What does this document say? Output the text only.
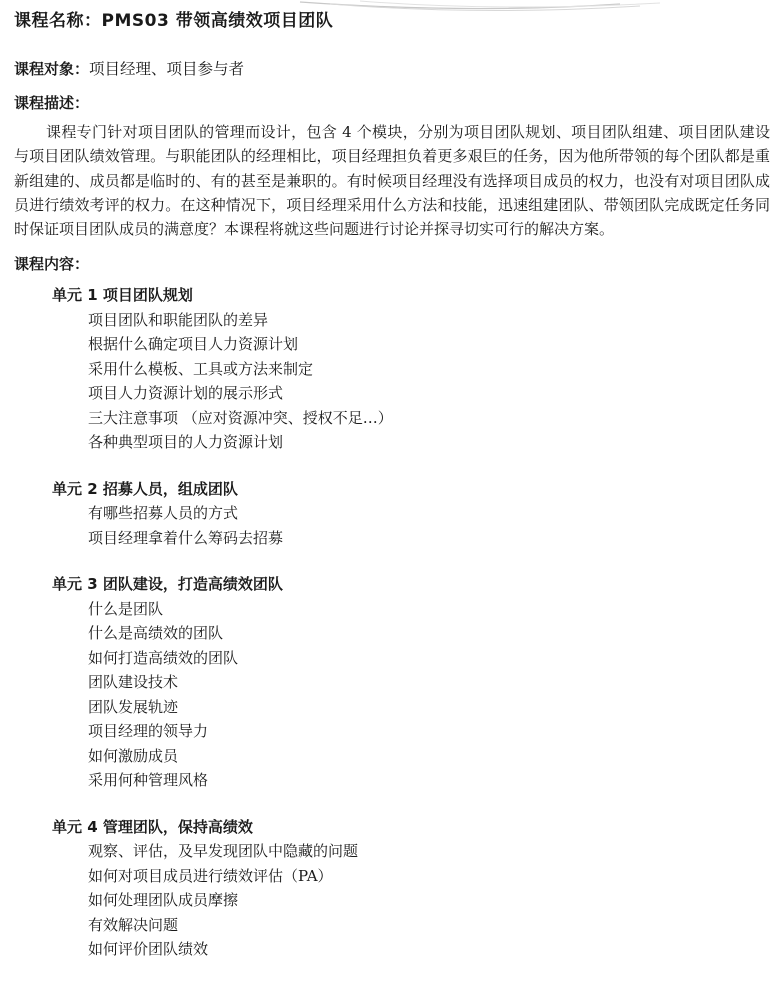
课程名称：PMS03 带领高绩效项目团队
课程对象：项目经理、项目参与者
课程描述：

课程专门针对项目团队的管理而设计，包含 4 个模块，分别为项目团队规划、项目团队组建、项目团队建设与项目团队绩效管理。与职能团队的经理相比，项目经理担负着更多艰巨的任务，因为他所带领的每个团队都是重新组建的、成员都是临时的、有的甚至是兼职的。有时候项目经理没有选择项目成员的权力，也没有对项目团队成员进行绩效考评的权力。在这种情况下，项目经理采用什么方法和技能，迅速组建团队、带领团队完成既定任务同时保证项目团队成员的满意度？本课程将就这些问题进行讨论并探寻切实可行的解决方案。

课程内容：
单元 1 项目团队规划
项目团队和职能团队的差异
根据什么确定项目人力资源计划
采用什么模板、工具或方法来制定
项目人力资源计划的展示形式
三大注意事项 （应对资源冲突、授权不足…）
各种典型项目的人力资源计划
单元 2 招募人员，组成团队
有哪些招募人员的方式
项目经理拿着什么筹码去招募
单元 3 团队建设，打造高绩效团队
什么是团队
什么是高绩效的团队
如何打造高绩效的团队
团队建设技术
团队发展轨迹
项目经理的领导力
如何激励成员
采用何种管理风格
单元 4 管理团队，保持高绩效
观察、评估，及早发现团队中隐藏的问题
如何对项目成员进行绩效评估（PA）
如何处理团队成员摩擦
有效解决问题
如何评价团队绩效
